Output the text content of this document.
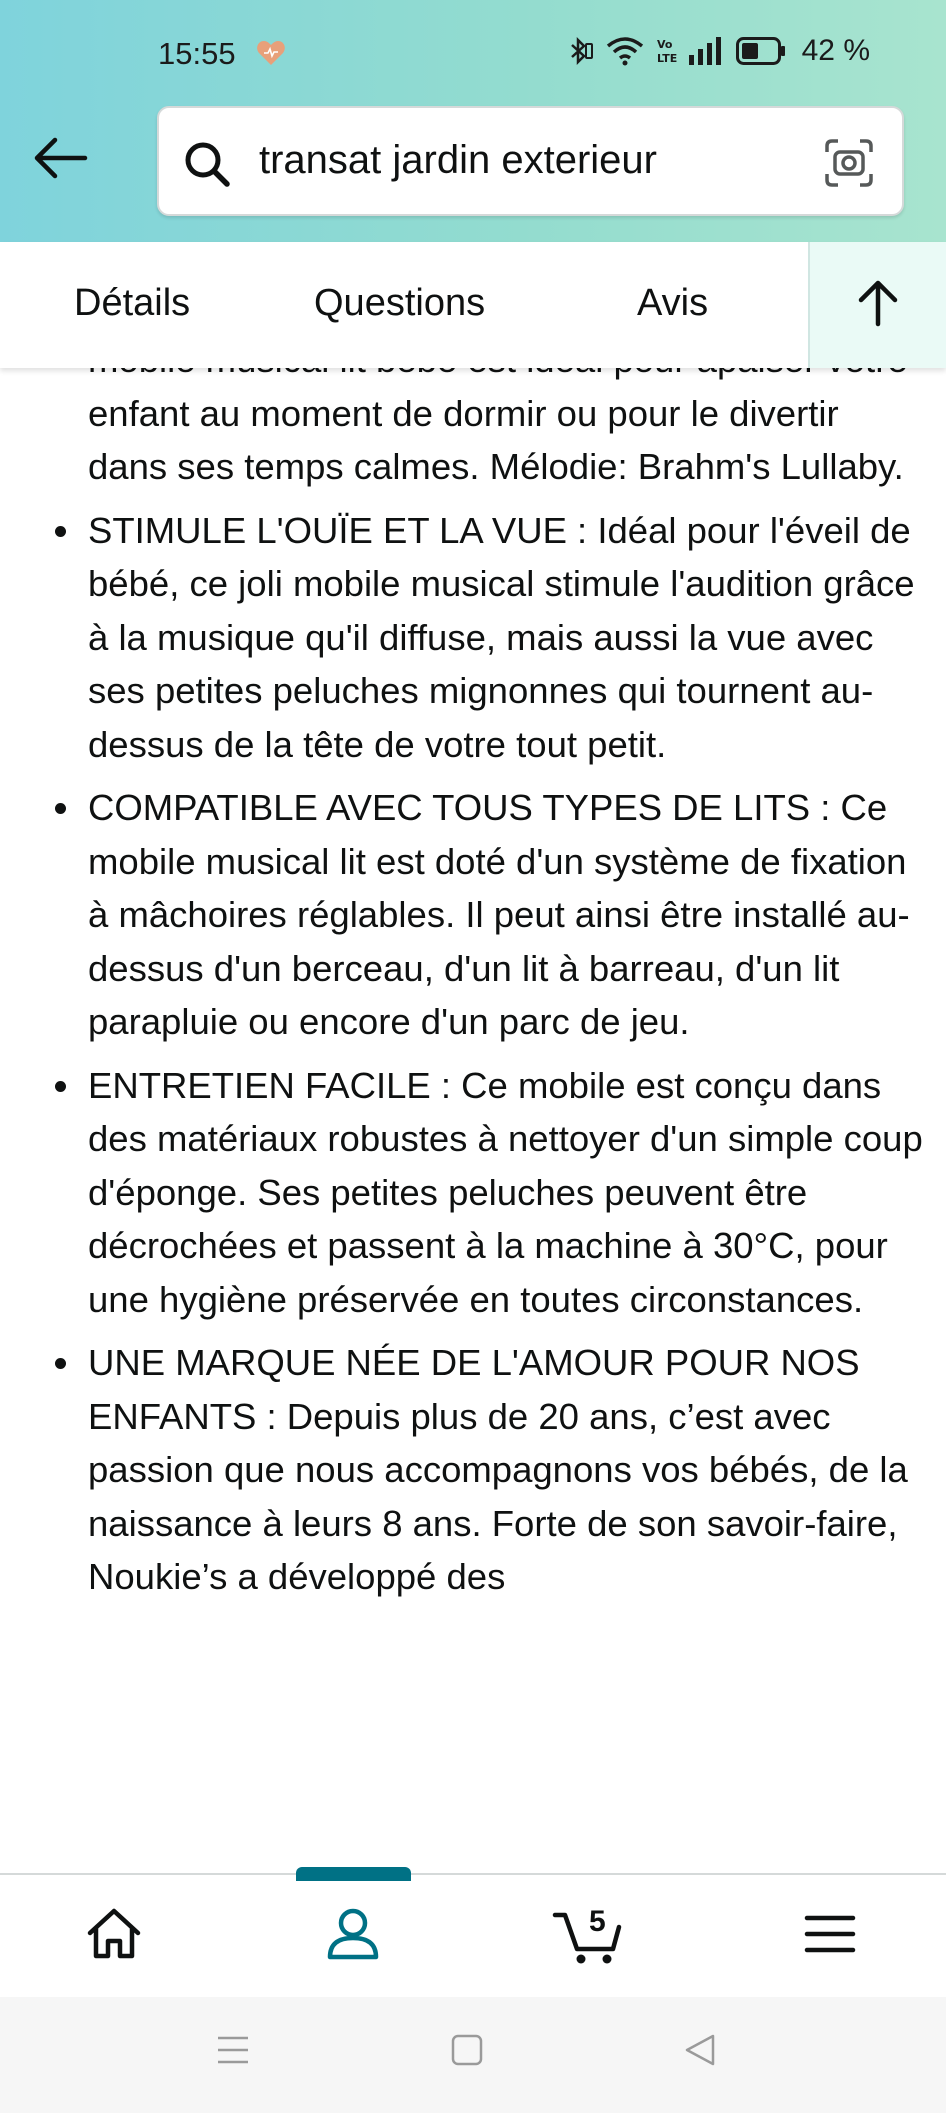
15:55	Vo
LTE	42 %
transat jardin exterieur
Détails	Questions	Avis

enfant au moment de dormir ou pour le divertir dans ses temps calmes. Mélodie: Brahm's Lullaby.

STIMULE L'OUÏE ET LA VUE : Idéal pour l'éveil de bébé, ce joli mobile musical stimule l'audition grâce à la musique qu'il diffuse, mais aussi la vue avec ses petites peluches mignonnes qui tournent au-dessus de la tête de votre tout petit.
COMPATIBLE AVEC TOUS TYPES DE LITS : Ce mobile musical lit est doté d'un système de fixation à mâchoires réglables. Il peut ainsi être installé au-dessus d'un berceau, d'un lit à barreau, d'un lit parapluie ou encore d'un parc de jeu.
ENTRETIEN FACILE : Ce mobile est conçu dans des matériaux robustes à nettoyer d'un simple coup d'éponge. Ses petites peluches peuvent être décrochées et passent à la machine à 30°C, pour une hygiène préservée en toutes circonstances.
UNE MARQUE NÉE DE L'AMOUR POUR NOS ENFANTS : Depuis plus de 20 ans, c’est avec passion que nous accompagnons vos bébés, de la naissance à leurs 8 ans. Forte de son savoir-faire, Noukie’s a développé des
5
